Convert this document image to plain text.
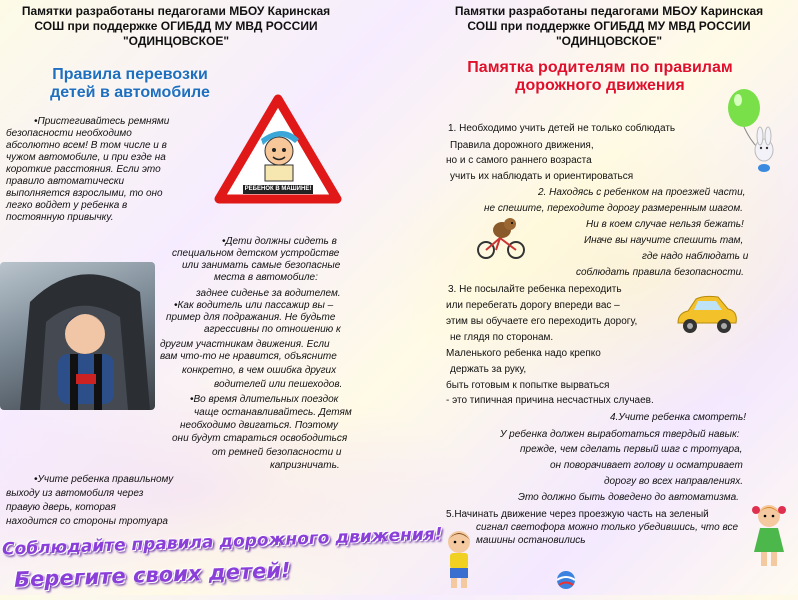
Памятки разработаны педагогами МБОУ Каринская
СОШ при поддержке ОГИБДД МУ МВД РОССИИ
"ОДИНЦОВСКОЕ"
Правила перевозки
детей в автомобиле
РЕБЕНОК В МАШИНЕ!
•Пристегивайтесь ремнями
безопасности необходимо
абсолютно всем! В том числе и в
чужом автомобиле, и при езде на
короткие расстояния. Если это
правило автоматически
выполняется взрослыми, то оно
легко войдет у ребенка в
постоянную привычку.
•Дети должны сидеть в
специальном детском устройстве
или занимать самые безопасные
места в автомобиле:
заднее сиденье за водителем.
•Как водитель или пассажир вы –
пример для подражания. Не будьте
агрессивны по отношению к
другим участникам движения. Если
вам что-то не нравится, объясните
конкретно, в чем ошибка других
водителей или пешеходов.
•Во время длительных поездок
чаще останавливайтесь. Детям
необходимо двигаться. Поэтому
они будут стараться освободиться
от ремней безопасности и
капризничать.
•Учите ребенка правильному
выходу из автомобиля через
правую дверь, которая
находится со стороны тротуара
Соблюдайте правила дорожного движения!
Берегите своих детей!
Памятки разработаны педагогами МБОУ Каринская
СОШ при поддержке ОГИБДД МУ МВД РОССИИ
"ОДИНЦОВСКОЕ"
Памятка родителям по правилам
дорожного движения
1. Необходимо учить детей не только соблюдать
Правила дорожного движения,
но и с самого раннего возраста
учить их наблюдать и ориентироваться
2. Находясь с ребенком на проезжей части,
не спешите, переходите дорогу размеренным шагом.
Ни в коем случае нельзя бежать!
Иначе вы научите спешить там,
где надо наблюдать и
соблюдать правила безопасности.
3. Не посылайте ребенка переходить
или перебегать дорогу впереди вас –
этим вы обучаете его переходить дорогу,
не глядя по сторонам.
Маленького ребенка надо крепко
держать за руку,
быть готовым к попытке вырваться
- это типичная причина несчастных случаев.
4.Учите ребенка смотреть!
У ребенка должен выработаться твердый навык:
прежде, чем сделать первый шаг с тротуара,
он поворачивает голову и осматривает
дорогу во всех направлениях.
Это должно быть доведено до автоматизма.
5.Начинать движение через проезжую часть на зеленый
сигнал светофора можно только убедившись, что все
машины остановились
